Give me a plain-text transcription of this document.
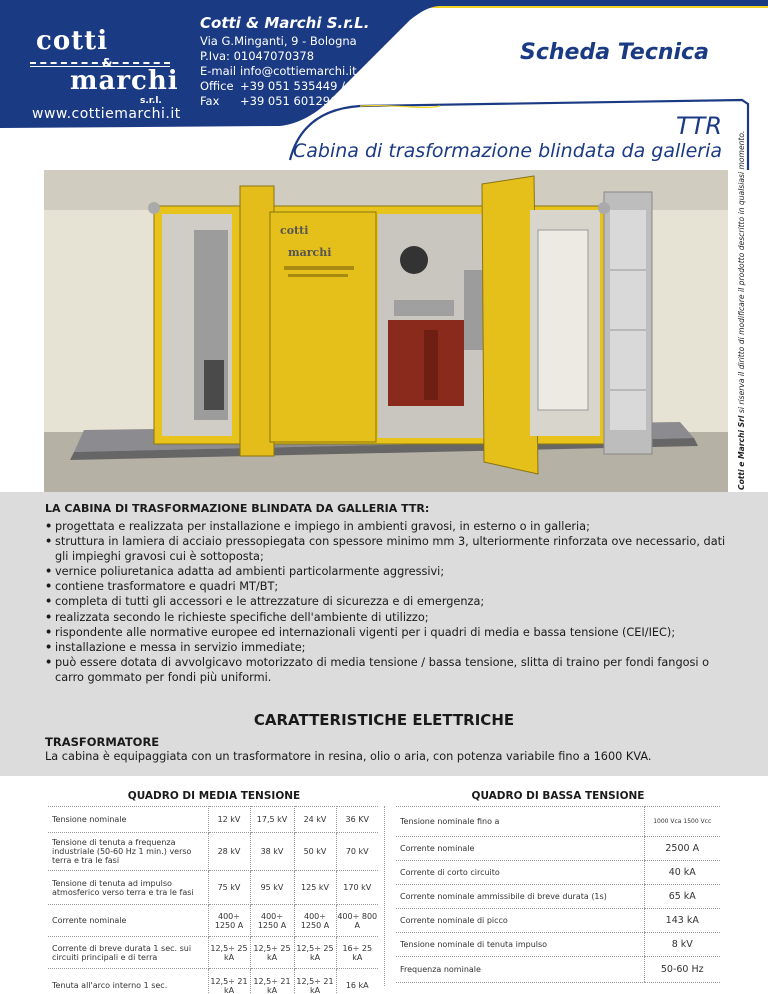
cotti
&
marchi
s.r.l.
www.cottiemarchi.it
Cotti & Marchi S.r.L.
Via G.Minganti, 9 - Bologna
P.Iva: 01047070378
E-mail info@cottiemarchi.it
Office +39 051 535449 / +39 051 6012247
Fax +39 051 6012962
Scheda Tecnica
TTR
Cabina di trasformazione blindata da galleria
Cotti e Marchi Srl si riserva il diritto di modificare il prodotto descritto in qualsiasi momento.
cotti
marchi
LA CABINA DI TRASFORMAZIONE BLINDATA DA GALLERIA TTR:
• progettata e realizzata per installazione e impiego in ambienti gravosi, in esterno o in galleria;
• struttura in lamiera di acciaio pressopiegata con spessore minimo mm 3, ulteriormente rinforzata ove necessario, dati gli impieghi gravosi cui è sottoposta;
• vernice poliuretanica adatta ad ambienti particolarmente aggressivi;
• contiene trasformatore e quadri MT/BT;
• completa di tutti gli accessori e le attrezzature di sicurezza e di emergenza;
• realizzata secondo le richieste specifiche dell'ambiente di utilizzo;
• rispondente alle normative europee ed internazionali vigenti per i quadri di media e bassa tensione (CEI/IEC);
• installazione e messa in servizio immediate;
• può essere dotata di avvolgicavo motorizzato di media tensione / bassa tensione, slitta di traino per fondi fangosi o carro gommato per fondi più uniformi.
CARATTERISTICHE ELETTRICHE
TRASFORMATORE
La cabina è equipaggiata con un trasformatore in resina, olio o aria, con potenza variabile fino a 1600 KVA.
QUADRO DI MEDIA TENSIONE
Tensione nominale	12 kV	17,5 kV	24 kV	36 KV
Tensione di tenuta a frequenza industriale (50-60 Hz 1 min.) verso terra e tra le fasi	28 kV	38 kV	50 kV	70 kV
Tensione di tenuta ad impulso atmosferico verso terra e tra le fasi	75 kV	95 kV	125 kV	170 kV
Corrente nominale	400÷ 1250 A	400÷ 1250 A	400÷ 1250 A	400÷ 800 A
Corrente di breve durata 1 sec. sui circuiti principali e di terra	12,5÷ 25 kA	12,5÷ 25 kA	12,5÷ 25 kA	16÷ 25 kA
Tenuta all'arco interno 1 sec.	12,5÷ 21 kA	12,5÷ 21 kA	12,5÷ 21 kA	16 kA
QUADRO DI BASSA TENSIONE
Tensione nominale fino a	1000 Vca 1500 Vcc
Corrente nominale	2500 A
Corrente di corto circuito	40 kA
Corrente nominale ammissibile di breve durata (1s)	65 kA
Corrente nominale di picco	143 kA
Tensione nominale di tenuta impulso	8 kV
Frequenza nominale	50-60 Hz
